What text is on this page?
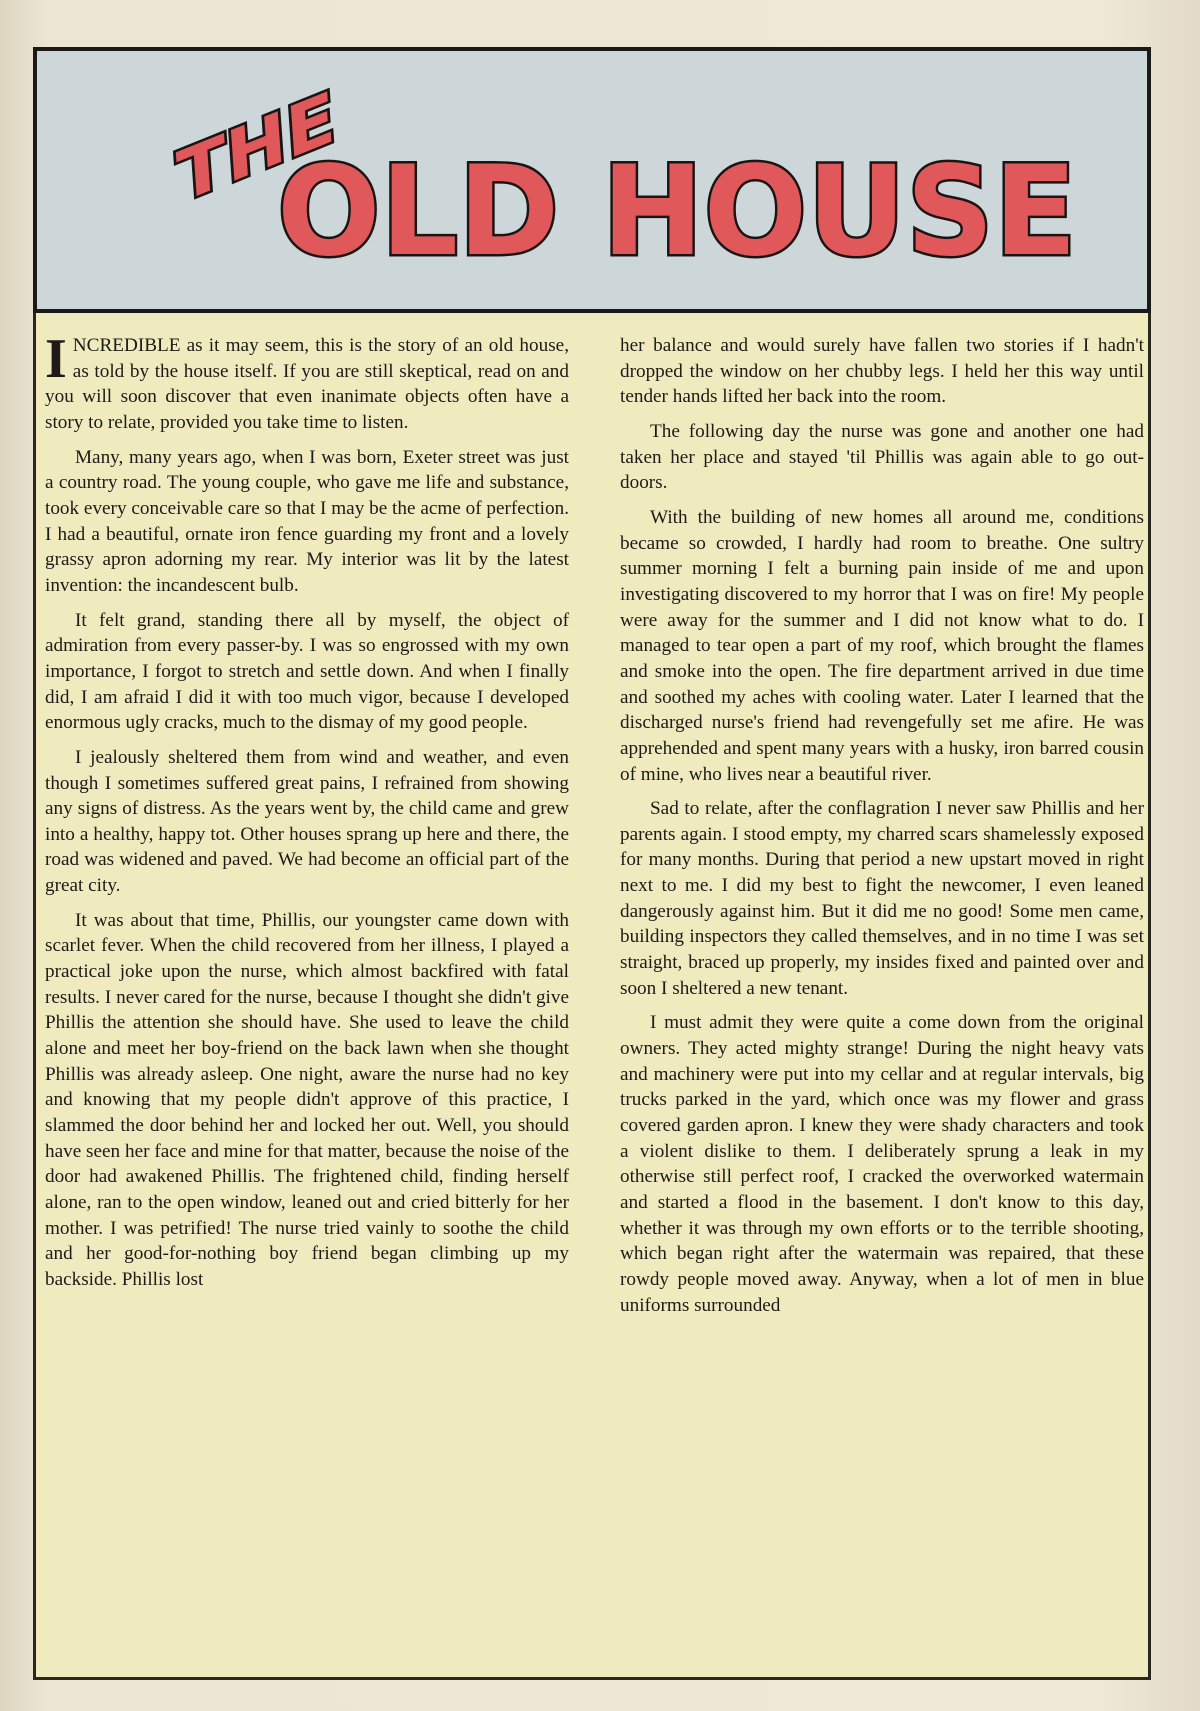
THE
OLD HOUSE

INCREDIBLE as it may seem, this is the story of an old house, as told by the house itself. If you are still skeptical, read on and you will soon discover that even inanimate objects often have a story to relate, provided you take time to listen.

Many, many years ago, when I was born, Exeter street was just a country road. The young couple, who gave me life and substance, took every conceivable care so that I may be the acme of perfection. I had a beautiful, ornate iron fence guarding my front and a lovely grassy apron adorning my rear. My interior was lit by the latest invention: the incandescent bulb.

It felt grand, standing there all by myself, the object of admiration from every passer-by. I was so engrossed with my own importance, I forgot to stretch and settle down. And when I finally did, I am afraid I did it with too much vigor, because I developed enormous ugly cracks, much to the dismay of my good people.

I jealously sheltered them from wind and weather, and even though I sometimes suffered great pains, I refrained from showing any signs of distress. As the years went by, the child came and grew into a healthy, happy tot. Other houses sprang up here and there, the road was widened and paved. We had become an official part of the great city.

It was about that time, Phillis, our youngster came down with scarlet fever. When the child recovered from her illness, I played a practical joke upon the nurse, which almost backfired with fatal results. I never cared for the nurse, because I thought she didn't give Phillis the attention she should have. She used to leave the child alone and meet her boy-friend on the back lawn when she thought Phillis was already asleep. One night, aware the nurse had no key and knowing that my people didn't approve of this practice, I slammed the door behind her and locked her out. Well, you should have seen her face and mine for that matter, because the noise of the door had awakened Phillis. The frightened child, finding herself alone, ran to the open window, leaned out and cried bitterly for her mother. I was petrified! The nurse tried vainly to soothe the child and her good-for-nothing boy friend began climbing up my backside. Phillis lost

her balance and would surely have fallen two stories if I hadn't dropped the window on her chubby legs. I held her this way until tender hands lifted her back into the room.

The following day the nurse was gone and another one had taken her place and stayed 'til Phillis was again able to go out-doors.

With the building of new homes all around me, conditions became so crowded, I hardly had room to breathe. One sultry summer morning I felt a burning pain inside of me and upon investigating discovered to my horror that I was on fire! My people were away for the summer and I did not know what to do. I managed to tear open a part of my roof, which brought the flames and smoke into the open. The fire department arrived in due time and soothed my aches with cooling water. Later I learned that the discharged nurse's friend had revengefully set me afire. He was apprehended and spent many years with a husky, iron barred cousin of mine, who lives near a beautiful river.

Sad to relate, after the conflagration I never saw Phillis and her parents again. I stood empty, my charred scars shamelessly exposed for many months. During that period a new upstart moved in right next to me. I did my best to fight the newcomer, I even leaned dangerously against him. But it did me no good! Some men came, building inspectors they called themselves, and in no time I was set straight, braced up properly, my insides fixed and painted over and soon I sheltered a new tenant.

I must admit they were quite a come down from the original owners. They acted mighty strange! During the night heavy vats and machinery were put into my cellar and at regular intervals, big trucks parked in the yard, which once was my flower and grass covered garden apron. I knew they were shady characters and took a violent dislike to them. I deliberately sprung a leak in my otherwise still perfect roof, I cracked the overworked watermain and started a flood in the basement. I don't know to this day, whether it was through my own efforts or to the terrible shooting, which began right after the watermain was repaired, that these rowdy people moved away. Anyway, when a lot of men in blue uniforms surrounded
